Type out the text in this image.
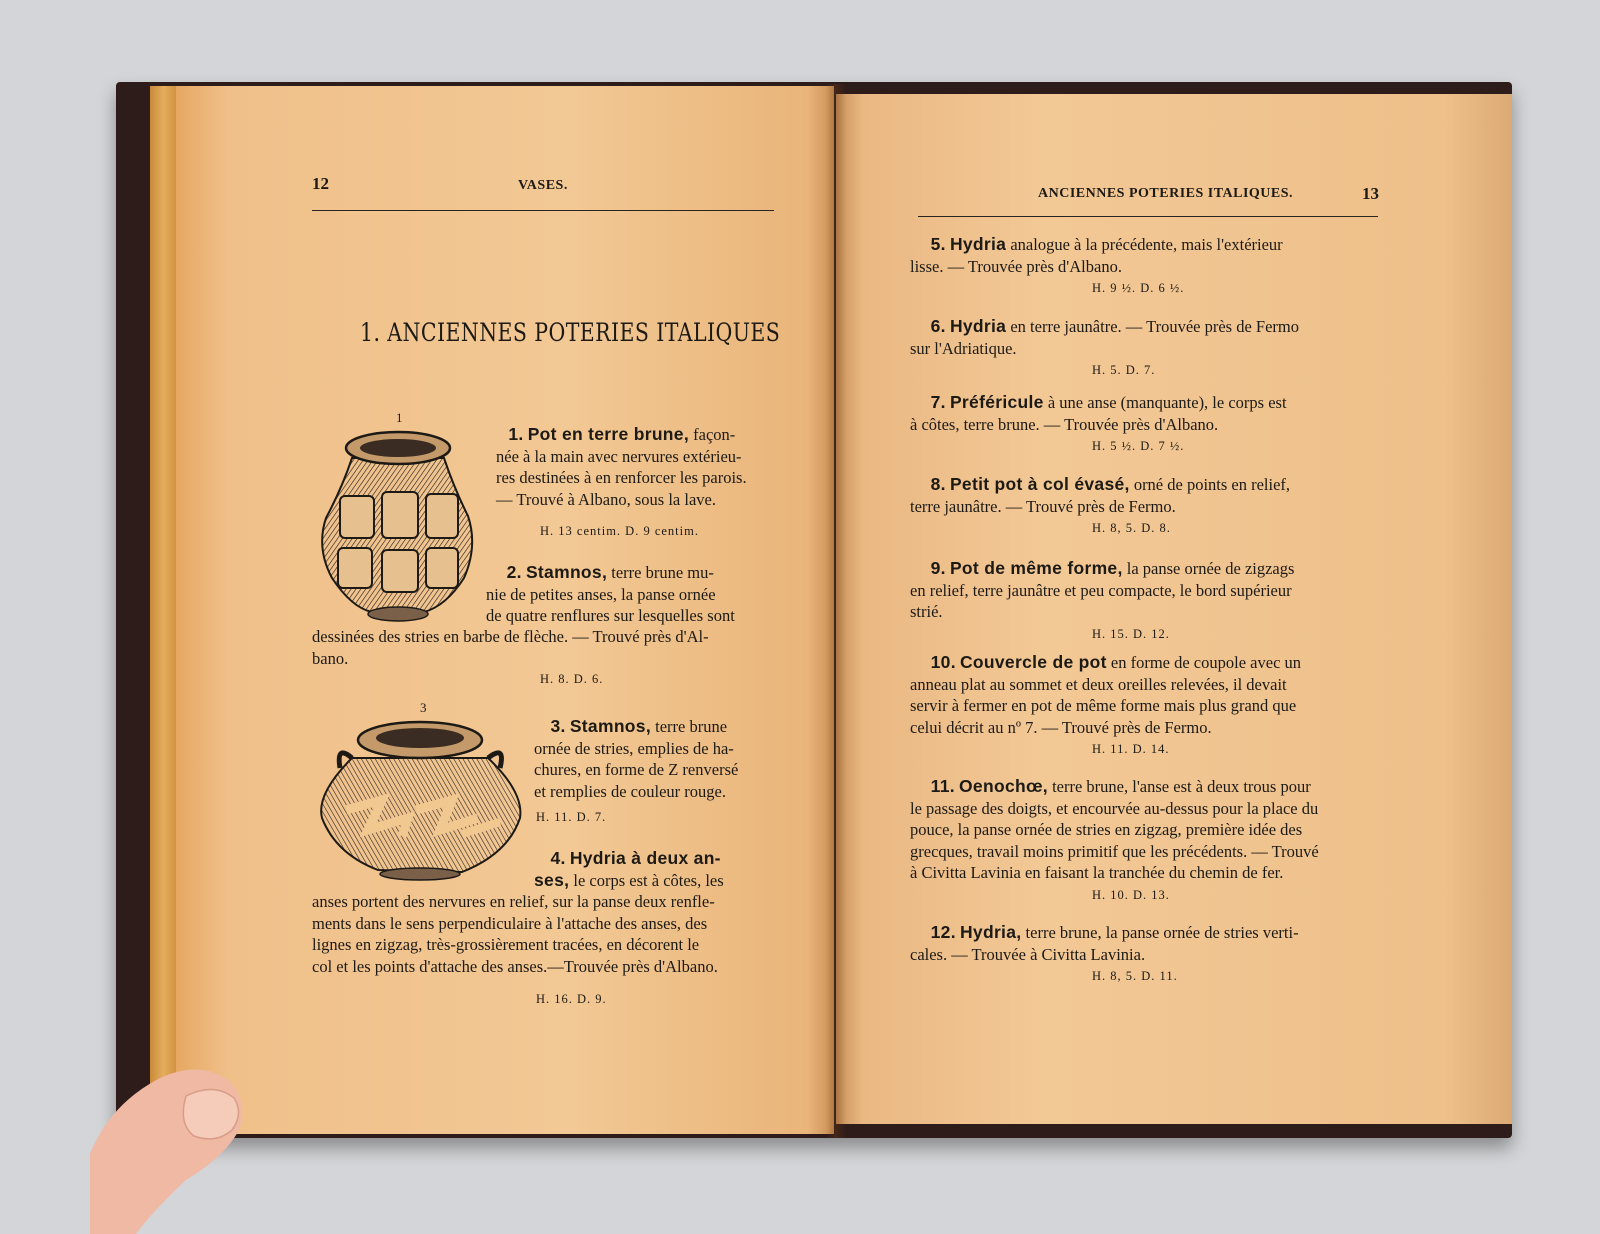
12	VASES.
1. ANCIENNES POTERIES ITALIQUES
1
1. Pot en terre brune, façon-
née à la main avec nervures extérieu-
res destinées à en renforcer les parois.
— Trouvé à Albano, sous la lave.
H. 13 centim. D. 9 centim.
2. Stamnos, terre brune mu-
nie de petites anses, la panse ornée
de quatre renflures sur lesquelles sont
dessinées des stries en barbe de flèche. — Trouvé près d'Al-
bano.
H. 8. D. 6.
3
3. Stamnos, terre brune
ornée de stries, emplies de ha-
chures, en forme de Z renversé
et remplies de couleur rouge.
H. 11. D. 7.
4. Hydria à deux an-
ses, le corps est à côtes, les
anses portent des nervures en relief, sur la panse deux renfle-
ments dans le sens perpendiculaire à l'attache des anses, des
lignes en zigzag, très-grossièrement tracées, en décorent le
col et les points d'attache des anses.—Trouvée près d'Albano.
H. 16. D. 9.
ANCIENNES POTERIES ITALIQUES.	13
5. Hydria analogue à la précédente, mais l'extérieur
lisse. — Trouvée près d'Albano.
H. 9 ½. D. 6 ½.
6. Hydria en terre jaunâtre. — Trouvée près de Fermo
sur l'Adriatique.
H. 5. D. 7.
7. Préféricule à une anse (manquante), le corps est
à côtes, terre brune. — Trouvée près d'Albano.
H. 5 ½. D. 7 ½.
8. Petit pot à col évasé, orné de points en relief,
terre jaunâtre. — Trouvé près de Fermo.
H. 8, 5. D. 8.
9. Pot de même forme, la panse ornée de zigzags
en relief, terre jaunâtre et peu compacte, le bord supérieur
strié.
H. 15. D. 12.
10. Couvercle de pot en forme de coupole avec un
anneau plat au sommet et deux oreilles relevées, il devait
servir à fermer en pot de même forme mais plus grand que
celui décrit au nº 7. — Trouvé près de Fermo.
H. 11. D. 14.
11. Oenochœ, terre brune, l'anse est à deux trous pour
le passage des doigts, et encourvée au-dessus pour la place du
pouce, la panse ornée de stries en zigzag, première idée des
grecques, travail moins primitif que les précédents. — Trouvé
à Civitta Lavinia en faisant la tranchée du chemin de fer.
H. 10. D. 13.
12. Hydria, terre brune, la panse ornée de stries verti-
cales. — Trouvée à Civitta Lavinia.
H. 8, 5. D. 11.
